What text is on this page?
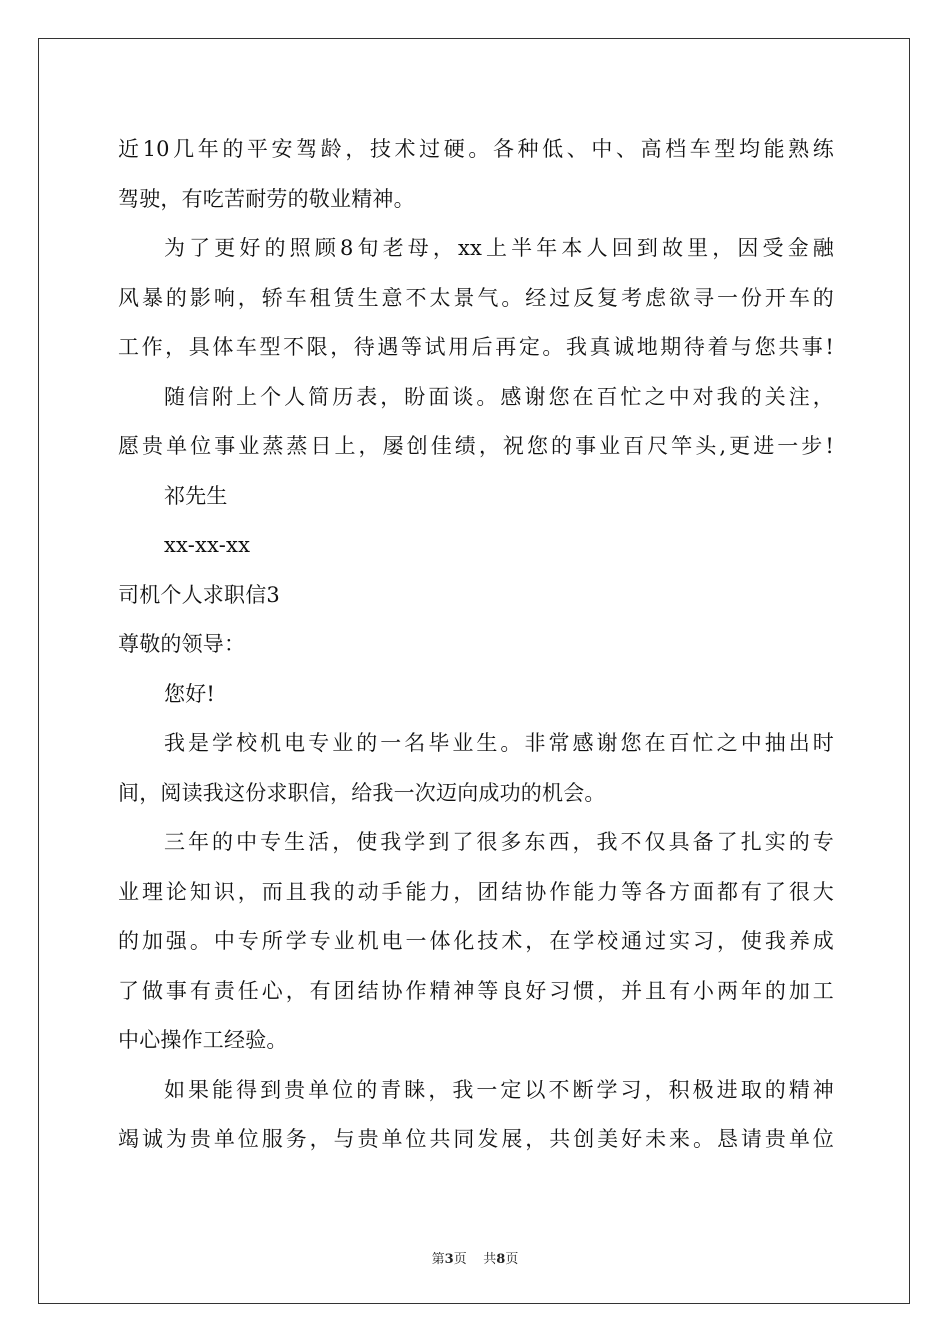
近10几年的平安驾龄，技术过硬。各种低、中、高档车型均能熟练
驾驶，有吃苦耐劳的敬业精神。
为了更好的照顾8旬老母，xx上半年本人回到故里，因受金融
风暴的影响，轿车租赁生意不太景气。经过反复考虑欲寻一份开车的
工作，具体车型不限，待遇等试用后再定。我真诚地期待着与您共事!
随信附上个人简历表，盼面谈。感谢您在百忙之中对我的关注，
愿贵单位事业蒸蒸日上，屡创佳绩，祝您的事业百尺竿头,更进一步!
祁先生
xx-xx-xx
司机个人求职信3
尊敬的领导：
您好!
我是学校机电专业的一名毕业生。非常感谢您在百忙之中抽出时
间，阅读我这份求职信，给我一次迈向成功的机会。
三年的中专生活，使我学到了很多东西，我不仅具备了扎实的专
业理论知识，而且我的动手能力，团结协作能力等各方面都有了很大
的加强。中专所学专业机电一体化技术，在学校通过实习，使我养成
了做事有责任心，有团结协作精神等良好习惯，并且有小两年的加工
中心操作工经验。
如果能得到贵单位的青睐，我一定以不断学习，积极进取的精神
竭诚为贵单位服务，与贵单位共同发展，共创美好未来。恳请贵单位
第3页 共8页
